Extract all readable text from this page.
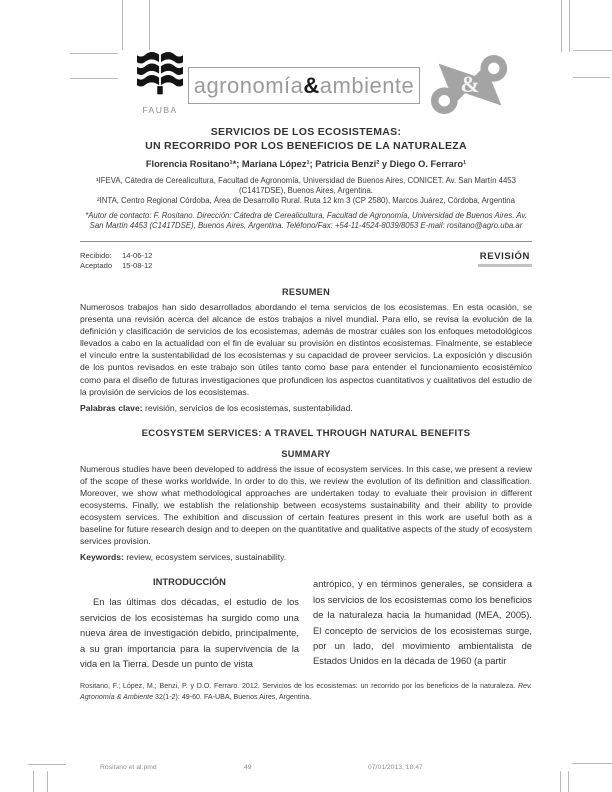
FAUBA
agronomía&ambiente &
SERVICIOS DE LOS ECOSISTEMAS:
UN RECORRIDO POR LOS BENEFICIOS DE LA NATURALEZA
Florencia Rositano¹*; Mariana López¹; Patricia Benzi² y Diego O. Ferraro¹
¹IFEVA, Cátedra de Cerealicultura, Facultad de Agronomía, Universidad de Buenos Aires, CONICET. Av. San Martín 4453 (C1417DSE), Buenos Aires, Argentina.
²INTA, Centro Regional Córdoba, Área de Desarrollo Rural. Ruta 12 km 3 (CP 2580), Marcos Juárez, Córdoba, Argentina
*Autor de contacto: F. Rositano. Dirección: Cátedra de Cerealicultura, Facultad de Agronomía, Universidad de Buenos Aires. Av. San Martín 4453 (C1417DSE), Buenos Aires, Argentina. Teléfono/Fax: +54-11-4524-8039/8053 E-mail: rositano@agro.uba.ar
Recibido:	14-06-12
Aceptado	15-08-12
REVISIÓN
RESUMEN

Numerosos trabajos han sido desarrollados abordando el tema servicios de los ecosistemas. En esta ocasión, se presenta una revisión acerca del alcance de estos trabajos a nivel mundial. Para ello, se revisa la evolución de la definición y clasificación de servicios de los ecosistemas, además de mostrar cuáles son los enfoques metodológicos llevados a cabo en la actualidad con el fin de evaluar su provisión en distintos ecosistemas. Finalmente, se establece el vínculo entre la sustentabilidad de los ecosistemas y su capacidad de proveer servicios. La exposición y discusión de los puntos revisados en este trabajo son útiles tanto como base para entender el funcionamiento ecosistémico como para el diseño de futuras investigaciones que profundicen los aspectos cuantitativos y cualitativos del estudio de la provisión de servicios de los ecosistemas.

Palabras clave: revisión, servicios de los ecosistemas, sustentabilidad.
ECOSYSTEM SERVICES: A TRAVEL THROUGH NATURAL BENEFITS
SUMMARY

Numerous studies have been developed to address the issue of ecosystem services. In this case, we present a review of the scope of these works worldwide. In order to do this, we review the evolution of its definition and classification. Moreover, we show what methodological approaches are undertaken today to evaluate their provision in different ecosystems. Finally, we establish the relationship between ecosystems sustainability and their ability to provide ecosystem services. The exhibition and discussion of certain features present in this work are useful both as a baseline for future research design and to deepen on the quantitative and qualitative aspects of the study of ecosystem services provision.

Keywords: review, ecosystem services, sustainability.
INTRODUCCIÓN

En las últimas dos décadas, el estudio de los servicios de los ecosistemas ha surgido como una nueva área de investigación debido, principalmente, a su gran importancia para la supervivencia de la vida en la Tierra. Desde un punto de vista

antrópico, y en términos generales, se considera a los servicios de los ecosistemas como los beneficios de la naturaleza hacia la humanidad (MEA, 2005). El concepto de servicios de los ecosistemas surge, por un lado, del movimiento ambientalista de Estados Unidos en la década de 1960 (a partir

Rositano, F.; López, M.; Benzi, P. y D.O. Ferraro. 2012. Servicios de los ecosistemas: un recorrido por los beneficios de la naturaleza. Rev. Agronomía & Ambiente 32(1-2): 49-60. FA-UBA, Buenos Aires, Argentina.
Rositano et al.pmd	49	07/01/2013, 18:47
